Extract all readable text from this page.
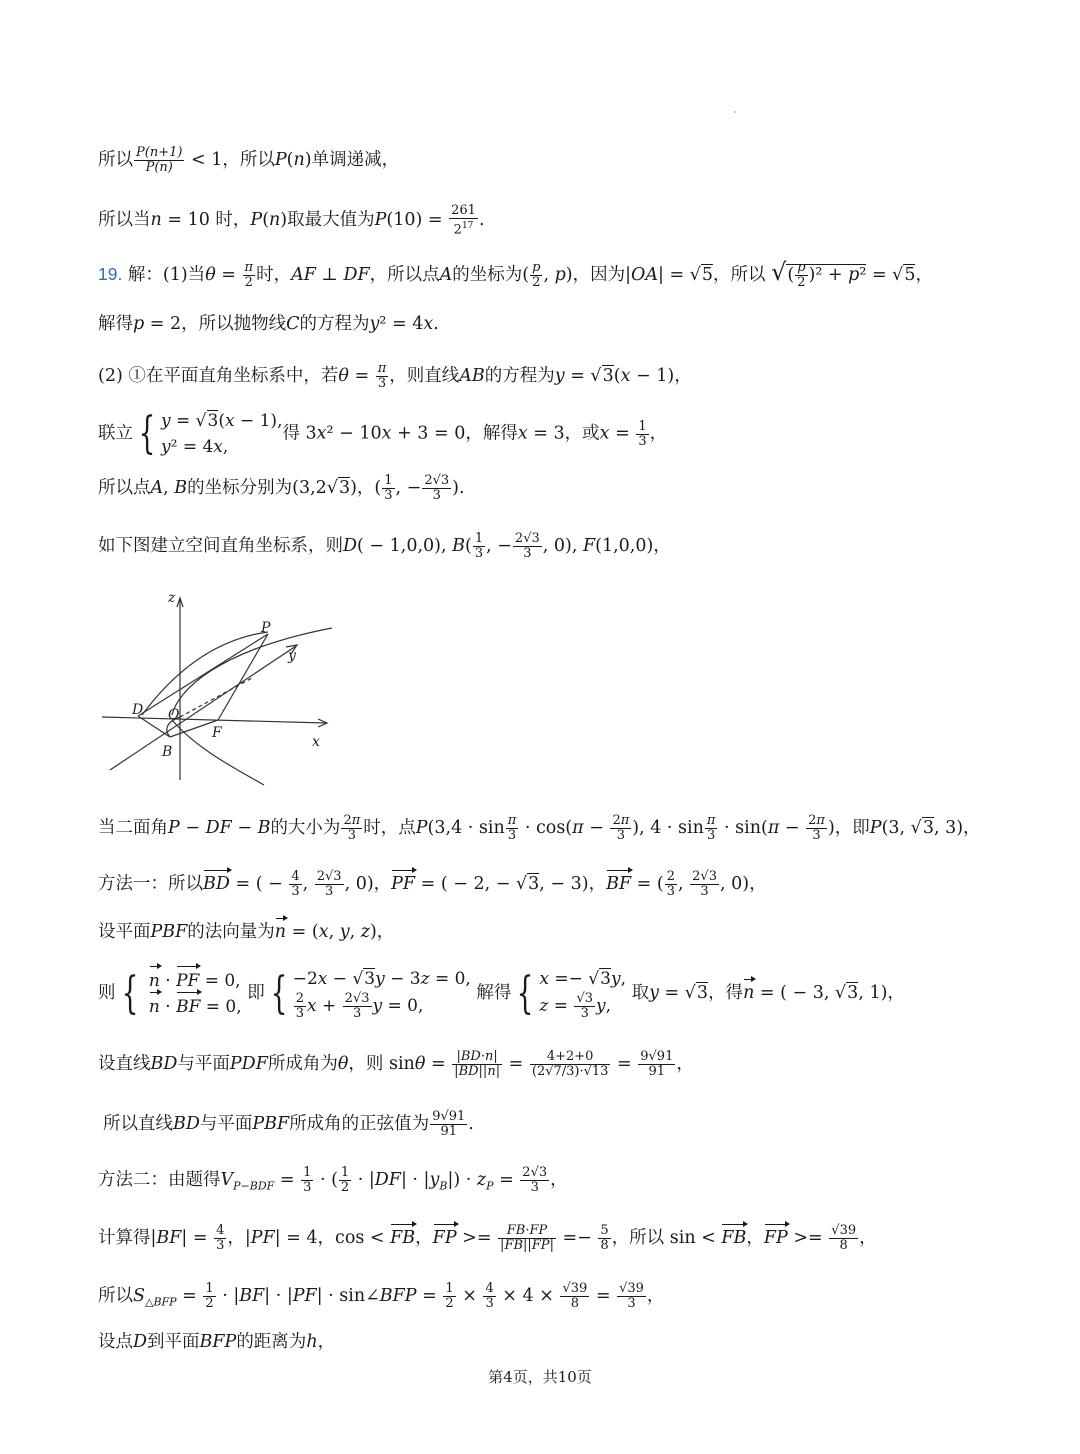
所以 $\frac{P(n+1)}{P(n)} < 1$，所以P(n)单调递减，
所以当n = 10 时，P(n)取最大值为$P(10) = \frac{261}{2^{17}}$ .
19. 解：(1)当$\theta = \frac{\pi}{2}$ 时，AF ⊥ DF，所以点A的坐标为( $\frac{p}{2}$ , p)，因为|OA| = √5，所以 √( $\frac{p}{2} )^2 + p^2 = √5$，
解得p = 2，所以抛物线C的方程为y² = 4x.
(2) ①在平面直角坐标系中，若$\theta = \frac{\pi}{3}$ ，则直线AB的方程为y = √3(x − 1)，
联立 { y = √3(x − 1),
y² = 4x,
得 3x² − 10x + 3 = 0，解得x = 3，或$x = \frac{1}{3}$ ，
所以点A, B的坐标分别为(3,2√3)，( $\frac{1}{3}$ , − $\frac{2√3}{3}$ ).
如下图建立空间直角坐标系，则D( − 1,0,0), $B( \frac{1}{3}$ , − $\frac{2√3}{3}$ , 0), F(1,0,0)，
z
y
x
P
D O
B
F
当二面角P − DF − B的大小为 $\frac{2\pi}{3}$ 时，点$P(3,4 \cdot \sin \frac{\pi}{3} \cdot \cos(\pi - \frac{2\pi}{3}$ ), $4 \cdot \sin \frac{\pi}{3} \cdot \sin(\pi - \frac{2\pi}{3}$ )，即P(3, √3, 3)，
方法一：所以BD = ( − $\frac{4}{3}$ , $\frac{2√3}{3}$ , 0)，PF = ( − 2, − √3, − 3)，BF = ( $\frac{2}{3}$ , $\frac{2√3}{3}$ , 0)，
设平面PBF的法向量为n = (x, y, z)，
则 { n · PF = 0,
n · BF = 0,
即 { −2x − √3y − 3z = 0,
$\frac{2}{3}$ $x + \frac{2√3}{3}$ y = 0,
解得 { x =− √3y,
$z = \frac{√3}{3} y$,
取y = √3，得n = ( − 3, √3, 1)，
设直线BD与平面PDF所成角为θ，则 $\sin\theta = \frac{|BD\cdot n|}{|BD||n|} = \frac{4+2+0}{(2√7/3)\cdot√13} = \frac{9√91}{91}$ ，
所以直线BD与平面PBF所成角的正弦值为 $\frac{9√91}{91}$ .
方法二：由题得$V_{P-BDF} = \frac{1}{3}$ · ( $\frac{1}{2} \cdot |DF| \cdot |y_B|) \cdot z_P = \frac{2√3}{3}$ ，
计算得$|BF| = \frac{4}{3}$ ，|PF| = 4，cos < FB，FP >= $\frac{FB\cdot FP}{|FB||FP|} =- \frac{5}{8}$ ，所以 sin < FB，FP >= $\frac{√39}{8}$ ，
所以$S_{\triangle BFP} = \frac{1}{2} \cdot |BF| \cdot |PF|$ · sin∠BFP = $\frac{1}{2} \times \frac{4}{3} \times 4 \times \frac{√39}{8} = \frac{√39}{3}$ ，
设点D到平面BFP的距离为h，
第4页，共10页
